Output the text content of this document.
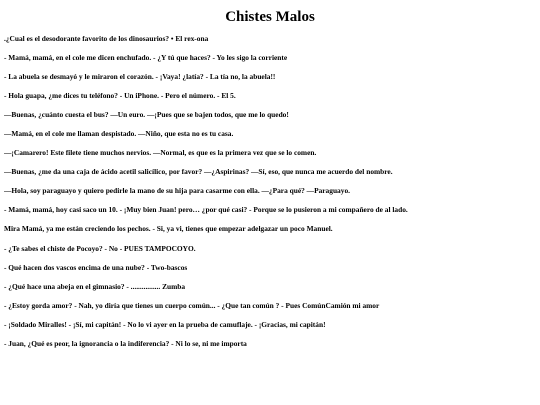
Chistes Malos
.¿Cual es el desodorante favorito de los dinosaurios? • El rex-ona
- Mamá, mamá, en el cole me dicen enchufado. - ¿Y tú que haces? - Yo les sigo la corriente
- La abuela se desmayó y le miraron el corazón. - ¡Vaya! ¿latía? - La tía no, la abuela!!
- Hola guapa, ¿me dices tu teléfono? - Un iPhone. - Pero el número. - El 5.
—Buenas, ¿cuánto cuesta el bus? —Un euro. —¡Pues que se bajen todos, que me lo quedo!
—Mamá, en el cole me llaman despistado. —Niño, que esta no es tu casa.
—¡Camarero! Este filete tiene muchos nervios. —Normal, es que es la primera vez que se lo comen.
—Buenas, ¿me da una caja de ácido acetil salicílico, por favor? —¿Aspirinas? —Sí, eso, que nunca me acuerdo del nombre.
—Hola, soy paraguayo y quiero pedirle la mano de su hija para casarme con ella. —¿Para qué? —Paraguayo.
- Mamá, mamá, hoy casi saco un 10. - ¡Muy bien Juan! pero… ¿por qué casi? - Porque se lo pusieron a mi compañero de al lado.
Mira Mamá, ya me están creciendo los pechos. - Si, ya vi, tienes que empezar adelgazar un poco Manuel.
- ¿Te sabes el chiste de Pocoyo? - No - PUES TAMPOCOYO.
- Qué hacen dos vascos encima de una nube? - Two-bascos
- ¿Qué hace una abeja en el gimnasio? - ................ Zumba
- ¿Estoy gorda amor? - Nah, yo diría que tienes un cuerpo común... - ¿Que tan común ? - Pues ComúnCamión mi amor
- ¡Soldado Miralles! - ¡Sí, mi capitán! - No lo vi ayer en la prueba de camuflaje. - ¡Gracias, mi capitán!
- Juan, ¿Qué es peor, la ignorancia o la indiferencia? - Ni lo se, ni me importa
